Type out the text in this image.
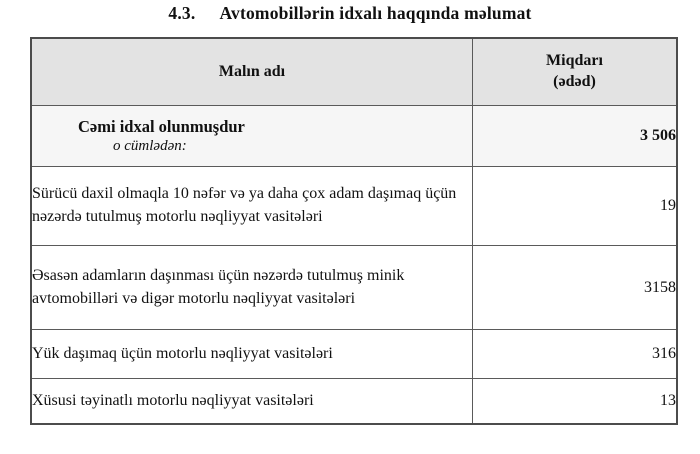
4.3. Avtomobillərin idxalı haqqında məlumat
Malın adı	Miqdarı
(ədəd)

Cəmi idxal olunmuşdur
o cümlədən:	3 506
Sürücü daxil olmaqla 10 nəfər və ya daha çox adam daşımaq üçün nəzərdə tutulmuş motorlu nəqliyyat vasitələri	19
Əsasən adamların daşınması üçün nəzərdə tutulmuş minik avtomobilləri və digər motorlu nəqliyyat vasitələri	3158
Yük daşımaq üçün motorlu nəqliyyat vasitələri	316
Xüsusi təyinatlı motorlu nəqliyyat vasitələri	13
